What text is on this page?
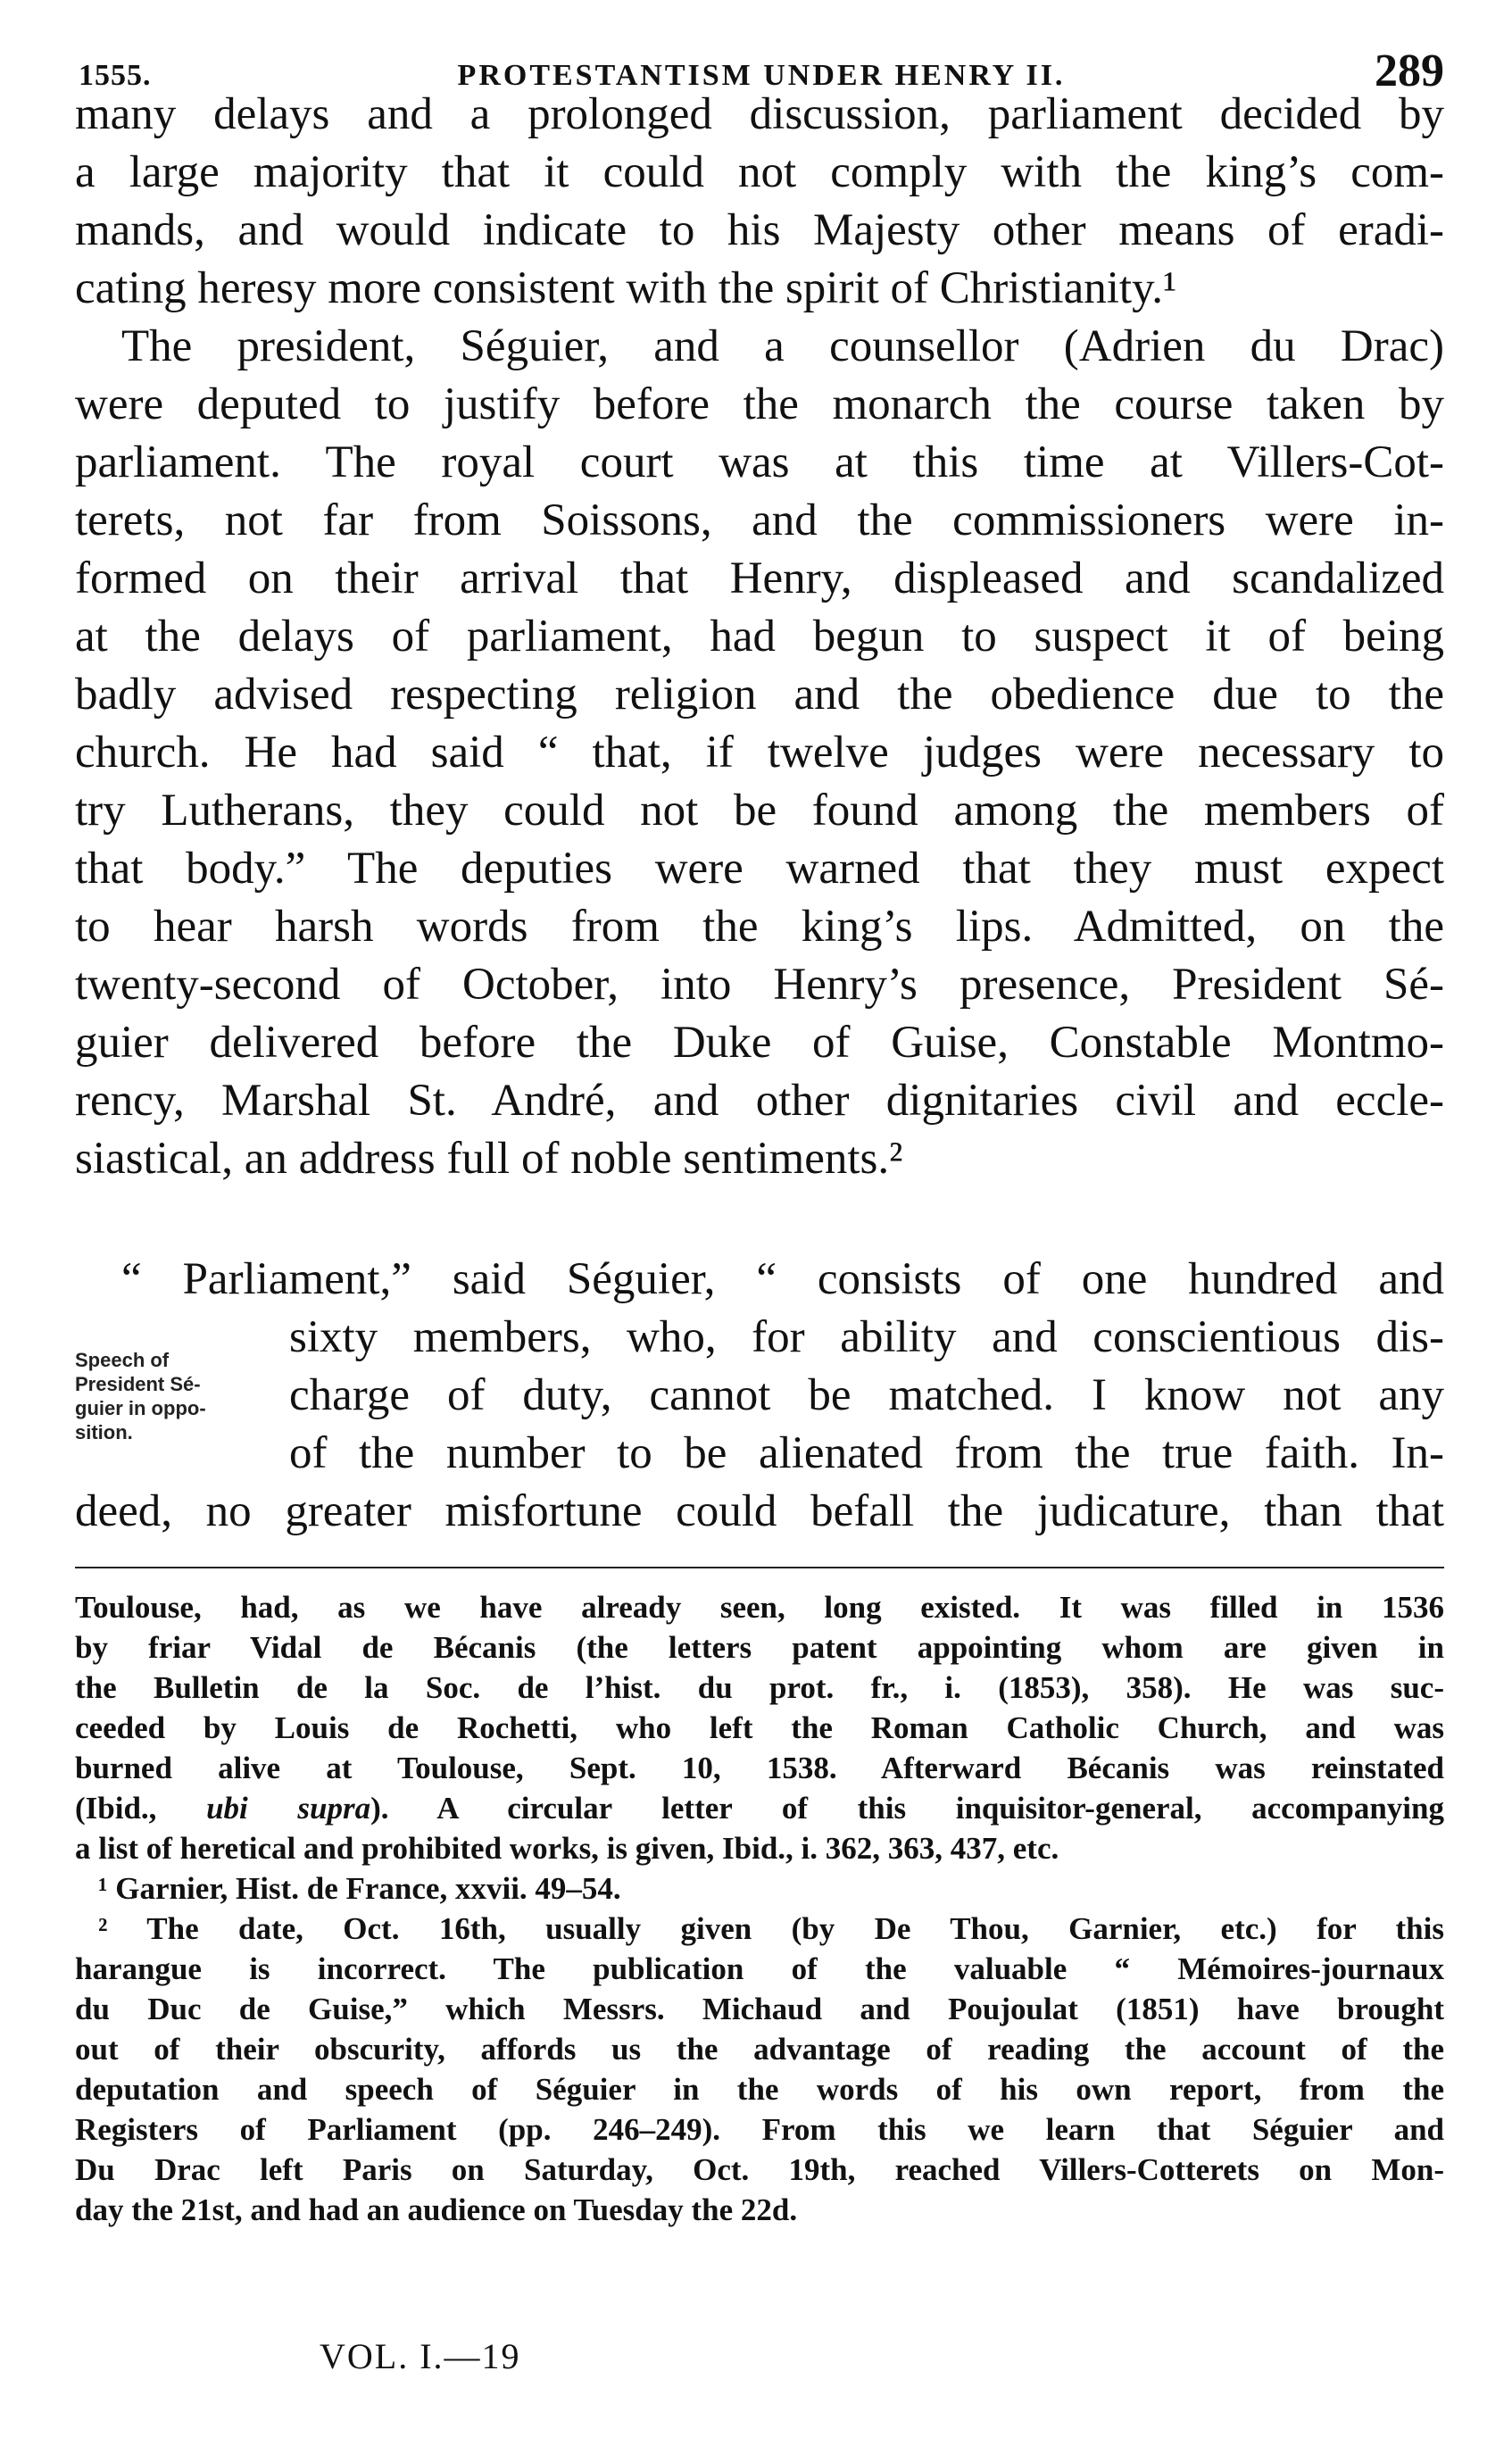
1555.	PROTESTANTISM UNDER HENRY II.	289
many delays and a prolonged discussion, parliament decided by
a large majority that it could not comply with the king’s com-
mands, and would indicate to his Majesty other means of eradi-
cating heresy more consistent with the spirit of Christianity.¹
The president, Séguier, and a counsellor (Adrien du Drac)
were deputed to justify before the monarch the course taken by
parliament. The royal court was at this time at Villers-Cot-
terets, not far from Soissons, and the commissioners were in-
formed on their arrival that Henry, displeased and scandalized
at the delays of parliament, had begun to suspect it of being
badly advised respecting religion and the obedience due to the
church. He had said “ that, if twelve judges were necessary to
try Lutherans, they could not be found among the members of
that body.” The deputies were warned that they must expect
to hear harsh words from the king’s lips. Admitted, on the
twenty-second of October, into Henry’s presence, President Sé-
guier delivered before the Duke of Guise, Constable Montmo-
rency, Marshal St. André, and other dignitaries civil and eccle-
siastical, an address full of noble sentiments.²
“ Parliament,” said Séguier, “ consists of one hundred and
sixty members, who, for ability and conscientious dis-
charge of duty, cannot be matched. I know not any
of the number to be alienated from the true faith. In-
deed, no greater misfortune could befall the judicature, than that
Speech of
President Sé-
guier in oppo-
sition.
Toulouse, had, as we have already seen, long existed. It was filled in 1536
by friar Vidal de Bécanis (the letters patent appointing whom are given in
the Bulletin de la Soc. de l’hist. du prot. fr., i. (1853), 358). He was suc-
ceeded by Louis de Rochetti, who left the Roman Catholic Church, and was
burned alive at Toulouse, Sept. 10, 1538. Afterward Bécanis was reinstated
(Ibid., ubi supra). A circular letter of this inquisitor-general, accompanying
a list of heretical and prohibited works, is given, Ibid., i. 362, 363, 437, etc.
¹ Garnier, Hist. de France, xxvii. 49–54.
² The date, Oct. 16th, usually given (by De Thou, Garnier, etc.) for this
harangue is incorrect. The publication of the valuable “ Mémoires-journaux
du Duc de Guise,” which Messrs. Michaud and Poujoulat (1851) have brought
out of their obscurity, affords us the advantage of reading the account of the
deputation and speech of Séguier in the words of his own report, from the
Registers of Parliament (pp. 246–249). From this we learn that Séguier and
Du Drac left Paris on Saturday, Oct. 19th, reached Villers-Cotterets on Mon-
day the 21st, and had an audience on Tuesday the 22d.
VOL. I.—19
